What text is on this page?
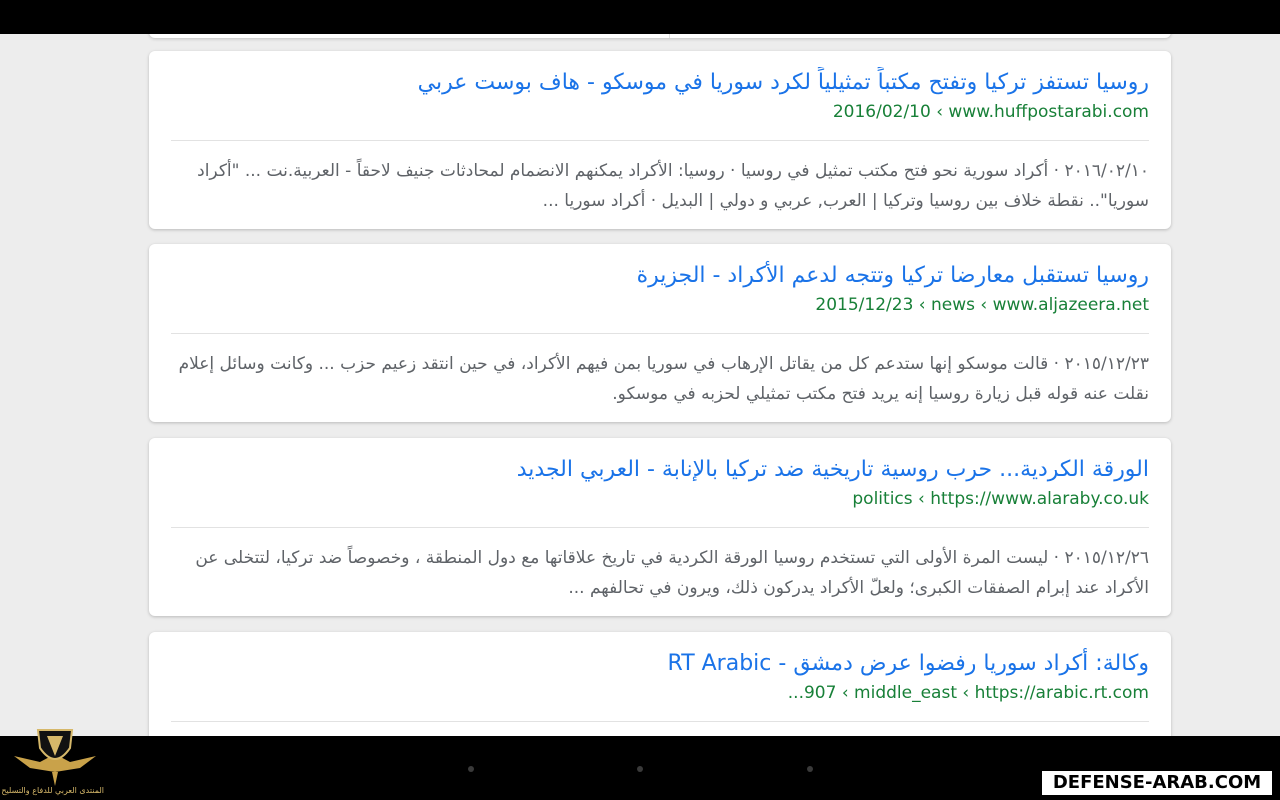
روسيا تستفز تركيا وتفتح مكتباً تمثيلياً لكرد سوريا في موسكو - هاف بوست عربي
2016/02/10 ‹ www.huffpostarabi.com
٢٠١٦/٠٢/١٠ · أكراد سورية نحو فتح مكتب تمثيل في روسيا · روسيا: الأكراد يمكنهم الانضمام لمحادثات جنيف لاحقاً - العربية.نت ... "أكراد سوريا".. نقطة خلاف بين روسيا وتركيا | العرب, عربي و دولي | البديل · أكراد سوريا ...
روسيا تستقبل معارضا تركيا وتتجه لدعم الأكراد - الجزيرة
2015/12/23 ‹ news ‹ www.aljazeera.net
٢٠١٥/١٢/٢٣ · قالت موسكو إنها ستدعم كل من يقاتل الإرهاب في سوريا بمن فيهم الأكراد، في حين انتقد زعيم حزب ... وكانت وسائل إعلام نقلت عنه قوله قبل زيارة روسيا إنه يريد فتح مكتب تمثيلي لحزبه في موسكو.
الورقة الكردية... حرب روسية تاريخية ضد تركيا بالإنابة - العربي الجديد
politics ‹ https://www.alaraby.co.uk
٢٠١٥/١٢/٢٦ · ليست المرة الأولى التي تستخدم روسيا الورقة الكردية في تاريخ علاقاتها مع دول المنطقة ، وخصوصاً ضد تركيا، لتتخلى عن الأكراد عند إبرام الصفقات الكبرى؛ ولعلّ الأكراد يدركون ذلك، ويرون في تحالفهم ...
وكالة: أكراد سوريا رفضوا عرض دمشق - RT Arabic
...907 ‹ middle_east ‹ https://arabic.rt.com
المنتدى العربي للدفاع والتسليح	DEFENSE-ARAB.COM
